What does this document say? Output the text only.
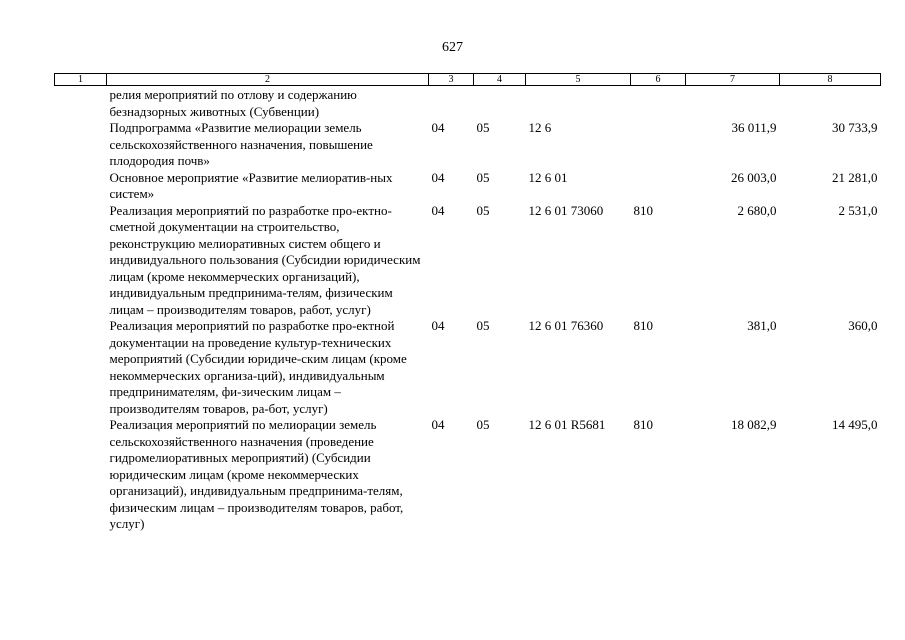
627
1	2	3	4	5	6	7	8
	релия мероприятий по отлову и содержанию безнадзорных животных (Субвенции)						
	Подпрограмма «Развитие мелиорации земель сельскохозяйственного назначения, повышение плодородия почв»	04	05	12 6		36 011,9	30 733,9
	Основное мероприятие «Развитие мелиоратив-ных систем»	04	05	12 6 01		26 003,0	21 281,0
	Реализация мероприятий по разработке про-ектно-сметной документации на строительство, реконструкцию мелиоративных систем общего и индивидуального пользования (Субсидии юридическим лицам (кроме некоммерческих организаций), индивидуальным предпринима-телям, физическим лицам – производителям товаров, работ, услуг)	04	05	12 6 01 73060	810	2 680,0	2 531,0
	Реализация мероприятий по разработке про-ектной документации на проведение культур-технических мероприятий (Субсидии юридиче-ским лицам (кроме некоммерческих организа-ций), индивидуальным предпринимателям, фи-зическим лицам – производителям товаров, ра-бот, услуг)	04	05	12 6 01 76360	810	381,0	360,0
	Реализация мероприятий по мелиорации земель сельскохозяйственного назначения (проведение гидромелиоративных мероприятий) (Субсидии юридическим лицам (кроме некоммерческих организаций), индивидуальным предпринима-телям, физическим лицам – производителям товаров, работ, услуг)	04	05	12 6 01 R5681	810	18 082,9	14 495,0
